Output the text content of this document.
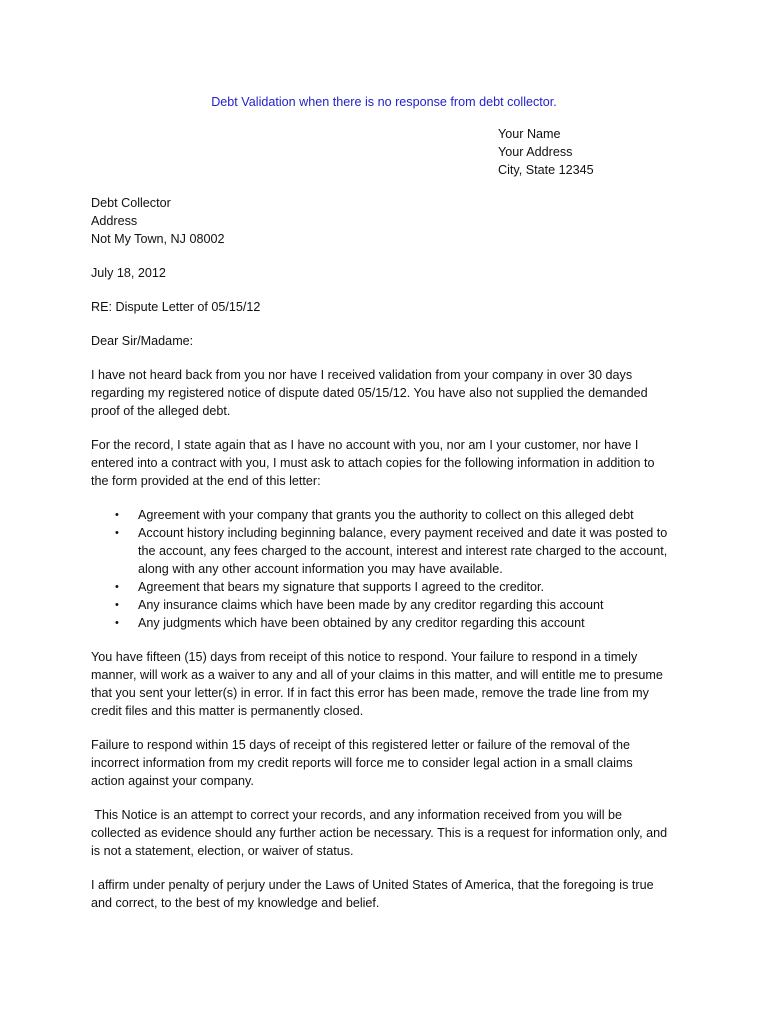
Debt Validation when there is no response from debt collector.
Your Name
Your Address
City, State 12345
Debt Collector
Address
Not My Town, NJ 08002
July 18, 2012
RE: Dispute Letter of 05/15/12
Dear Sir/Madame:

I have not heard back from you nor have I received validation from your company in over 30 days
regarding my registered notice of dispute dated 05/15/12. You have also not supplied the demanded
proof of the alleged debt.

For the record, I state again that as I have no account with you, nor am I your customer, nor have I
entered into a contract with you, I must ask to attach copies for the following information in addition to
the form provided at the end of this letter:

• Agreement with your company that grants you the authority to collect on this alleged debt
• Account history including beginning balance, every payment received and date it was posted to
the account, any fees charged to the account, interest and interest rate charged to the account,
along with any other account information you may have available.
• Agreement that bears my signature that supports I agreed to the creditor.
• Any insurance claims which have been made by any creditor regarding this account
• Any judgments which have been obtained by any creditor regarding this account

You have fifteen (15) days from receipt of this notice to respond. Your failure to respond in a timely
manner, will work as a waiver to any and all of your claims in this matter, and will entitle me to presume
that you sent your letter(s) in error. If in fact this error has been made, remove the trade line from my
credit files and this matter is permanently closed.

Failure to respond within 15 days of receipt of this registered letter or failure of the removal of the
incorrect information from my credit reports will force me to consider legal action in a small claims
action against your company.

This Notice is an attempt to correct your records, and any information received from you will be
collected as evidence should any further action be necessary. This is a request for information only, and
is not a statement, election, or waiver of status.

I affirm under penalty of perjury under the Laws of United States of America, that the foregoing is true
and correct, to the best of my knowledge and belief.
